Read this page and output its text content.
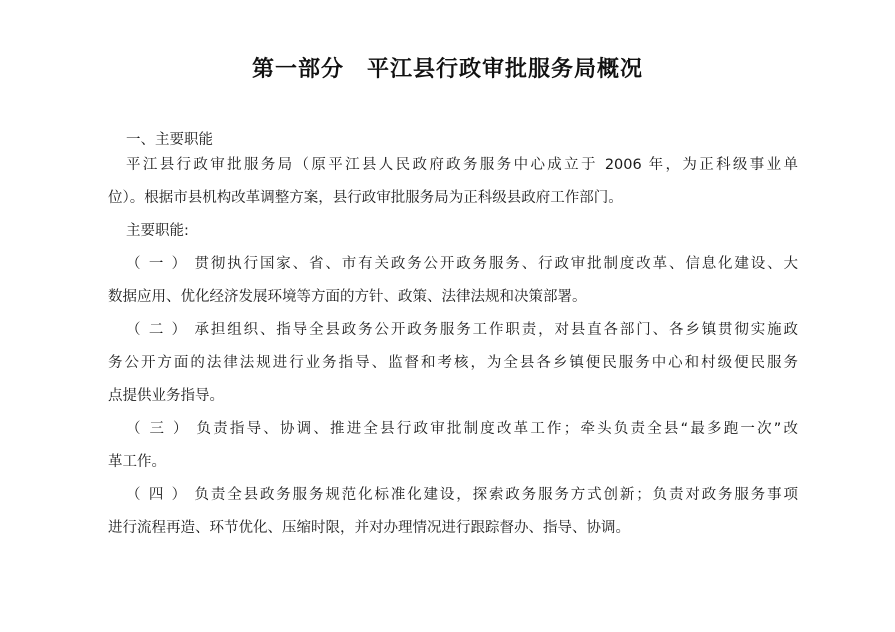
第一部分　平江县行政审批服务局概况
一、主要职能
平江县行政审批服务局（原平江县人民政府政务服务中心成立于 2006 年，为正科级事业单
位）。根据市县机构改革调整方案，县行政审批服务局为正科级县政府工作部门。
主要职能:
（ 一 ） 贯彻执行国家、省、市有关政务公开政务服务、行政审批制度改革、信息化建设、大
数据应用、优化经济发展环境等方面的方针、政策、法律法规和决策部署。
（ 二 ） 承担组织、指导全县政务公开政务服务工作职责，对县直各部门、各乡镇贯彻实施政
务公开方面的法律法规进行业务指导、监督和考核，为全县各乡镇便民服务中心和村级便民服务
点提供业务指导。
（ 三 ） 负责指导、协调、推进全县行政审批制度改革工作；牵头负责全县“最多跑一次”改
革工作。
（ 四 ） 负责全县政务服务规范化标准化建设，探索政务服务方式创新；负责对政务服务事项
进行流程再造、环节优化、压缩时限，并对办理情况进行跟踪督办、指导、协调。
